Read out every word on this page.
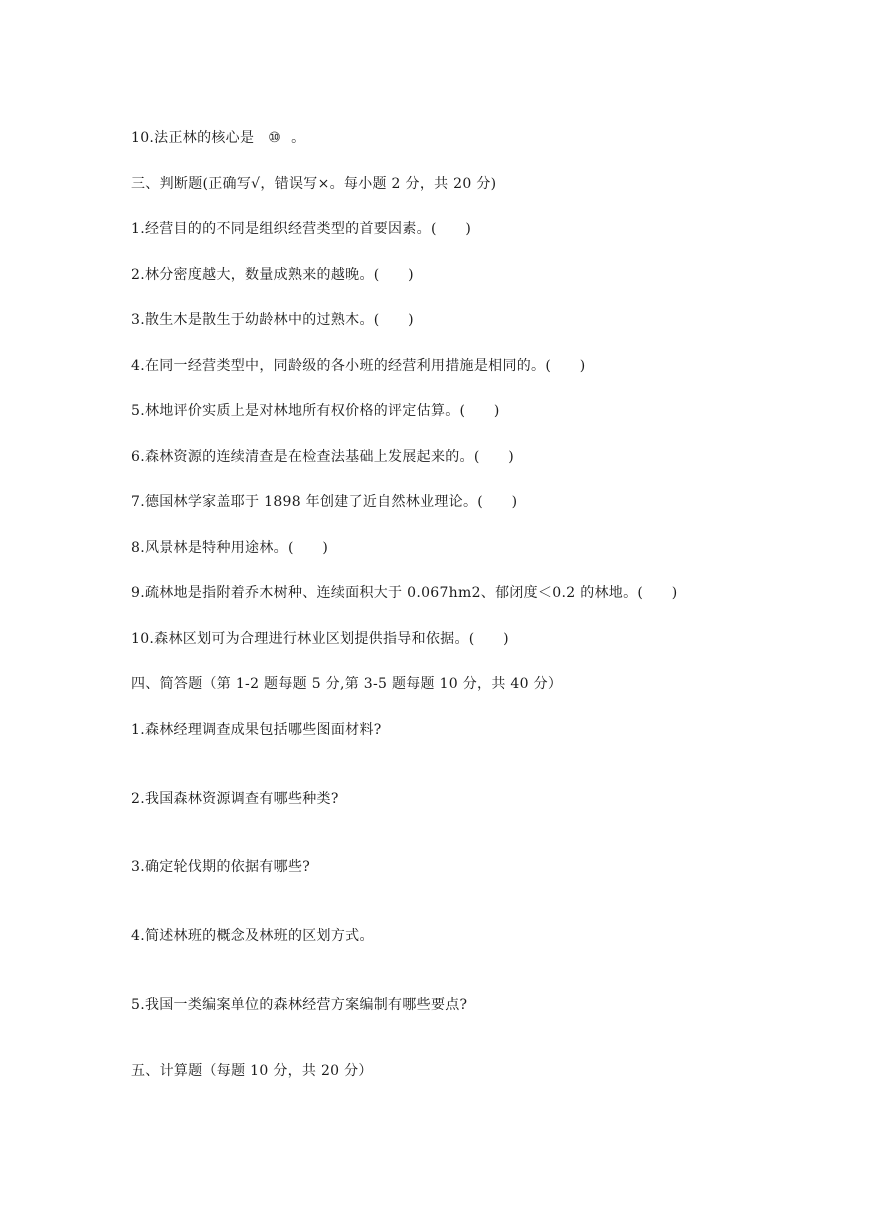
10.法正林的核心是 ⑩ 。
三、判断题(正确写√，错误写×。每小题 2 分，共 20 分)
1.经营目的的不同是组织经营类型的首要因素。(　　)
2.林分密度越大，数量成熟来的越晚。(　　)
3.散生木是散生于幼龄林中的过熟木。(　　)
4.在同一经营类型中，同龄级的各小班的经营利用措施是相同的。(　　)
5.林地评价实质上是对林地所有权价格的评定估算。(　　)
6.森林资源的连续清查是在检查法基础上发展起来的。(　　)
7.德国林学家盖耶于 1898 年创建了近自然林业理论。(　　)
8.风景林是特种用途林。(　　)
9.疏林地是指附着乔木树种、连续面积大于 0.067hm2、郁闭度＜0.2 的林地。(　　)
10.森林区划可为合理进行林业区划提供指导和依据。(　　)
四、简答题（第 1-2 题每题 5 分,第 3-5 题每题 10 分，共 40 分）
1.森林经理调查成果包括哪些图面材料?
2.我国森林资源调查有哪些种类?
3.确定轮伐期的依据有哪些?
4.简述林班的概念及林班的区划方式。
5.我国一类编案单位的森林经营方案编制有哪些要点?
五、计算题（每题 10 分，共 20 分）
